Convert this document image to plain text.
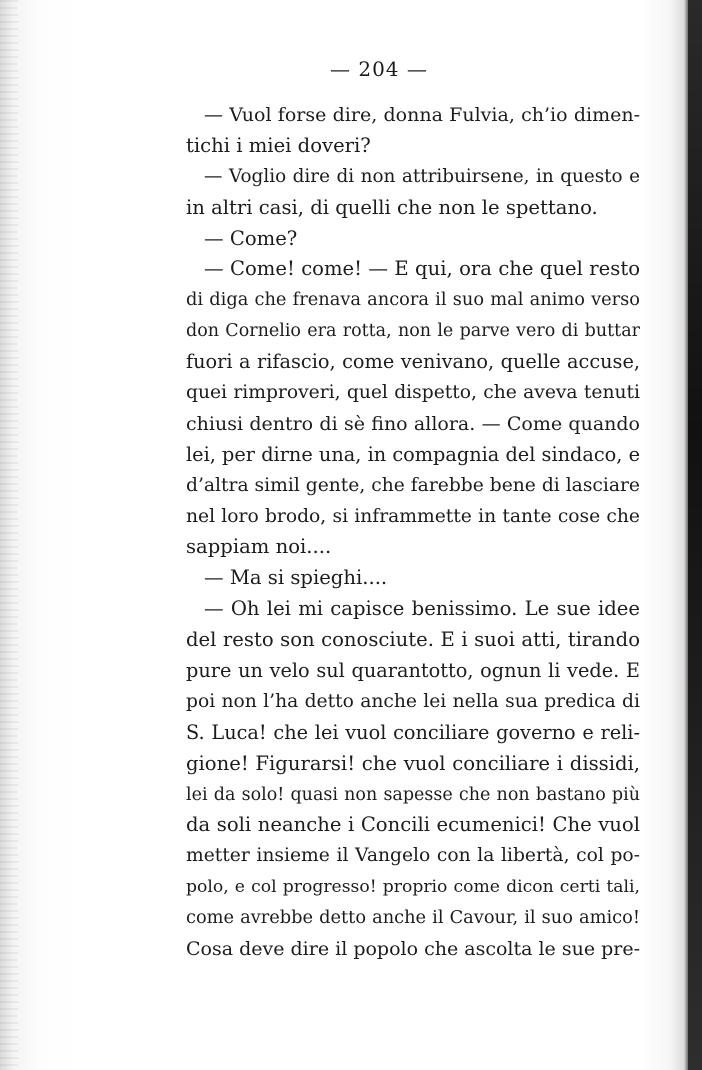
— 204 —
— Vuol forse dire, donna Fulvia, ch’io dimen-
tichi i miei doveri?
— Voglio dire di non attribuirsene, in questo e
in altri casi, di quelli che non le spettano.
— Come?
— Come! come! — E qui, ora che quel resto
di diga che frenava ancora il suo mal animo verso
don Cornelio era rotta, non le parve vero di buttar
fuori a rifascio, come venivano, quelle accuse,
quei rimproveri, quel dispetto, che aveva tenuti
chiusi dentro di sè fino allora. — Come quando
lei, per dirne una, in compagnia del sindaco, e
d’altra simil gente, che farebbe bene di lasciare
nel loro brodo, si inframmette in tante cose che
sappiam noi....
— Ma si spieghi....
— Oh lei mi capisce benissimo. Le sue idee
del resto son conosciute. E i suoi atti, tirando
pure un velo sul quarantotto, ognun li vede. E
poi non l’ha detto anche lei nella sua predica di
S. Luca! che lei vuol conciliare governo e reli-
gione! Figurarsi! che vuol conciliare i dissidi,
lei da solo! quasi non sapesse che non bastano più
da soli neanche i Concili ecumenici! Che vuol
metter insieme il Vangelo con la libertà, col po-
polo, e col progresso! proprio come dicon certi tali,
come avrebbe detto anche il Cavour, il suo amico!
Cosa deve dire il popolo che ascolta le sue pre-
